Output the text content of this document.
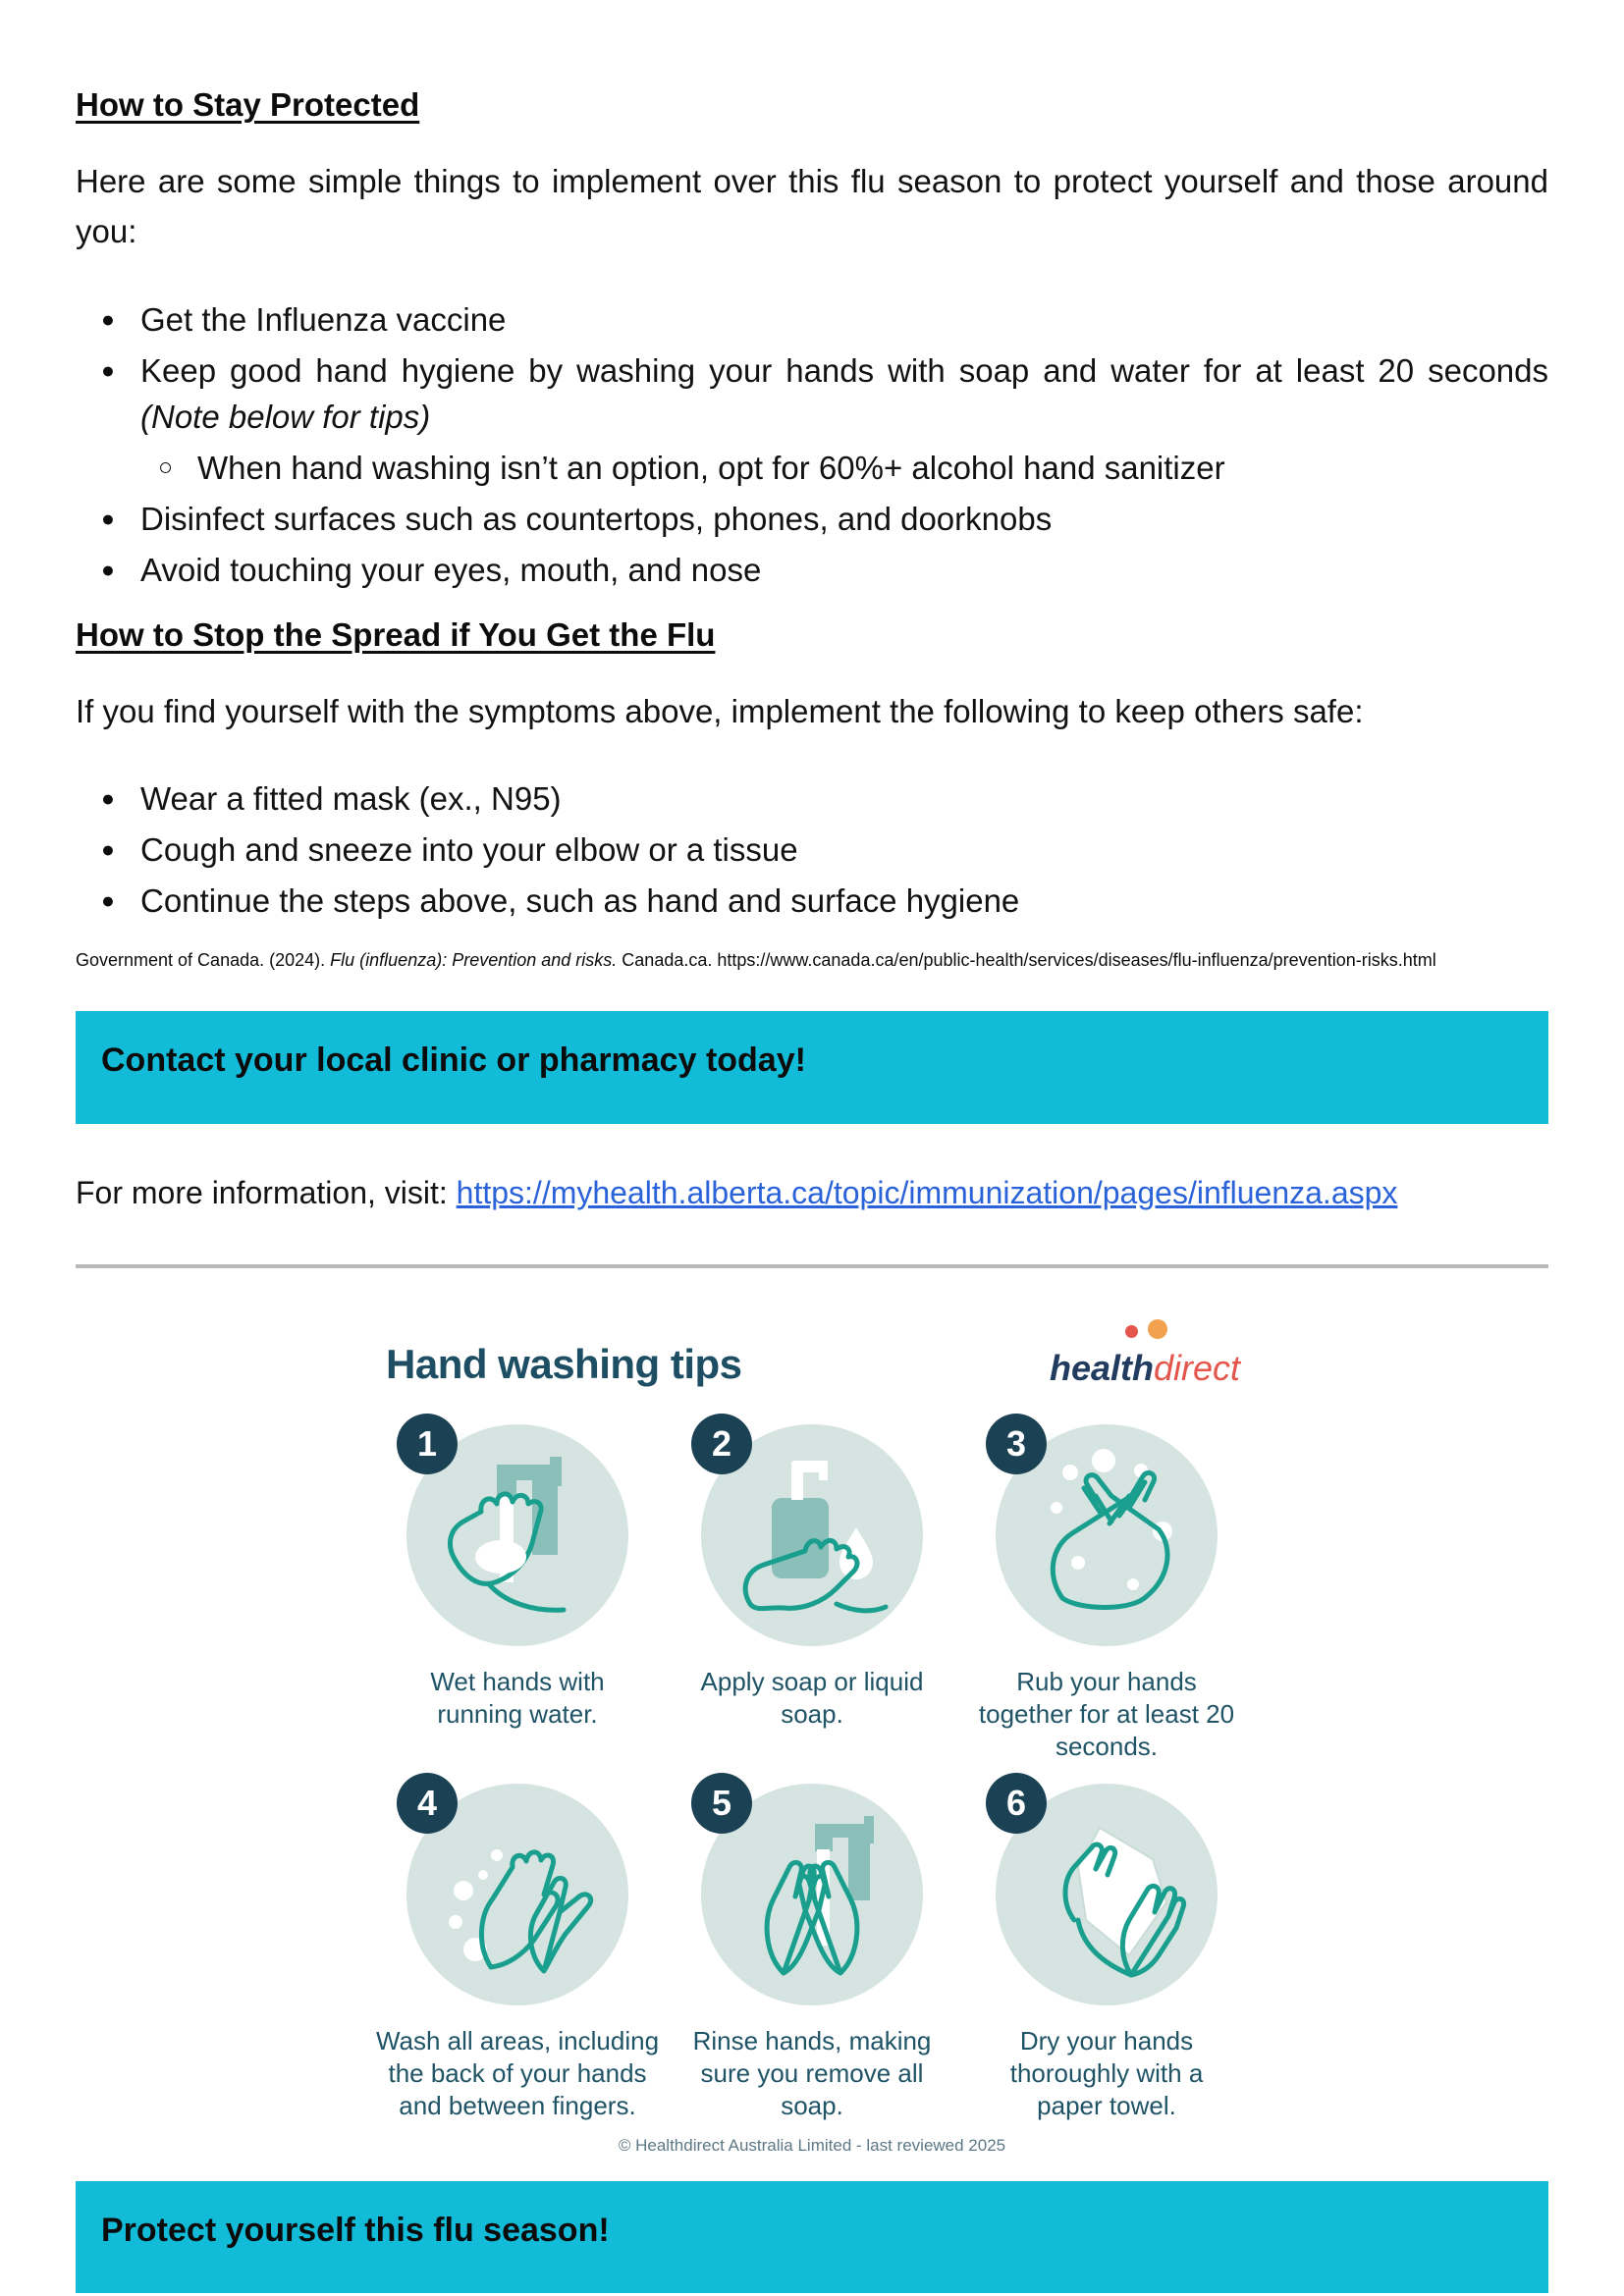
How to Stay Protected

Here are some simple things to implement over this flu season to protect yourself and those around you:

● Get the Influenza vaccine
● Keep good hand hygiene by washing your hands with soap and water for at least 20 seconds (Note below for tips)
○ When hand washing isn’t an option, opt for 60%+ alcohol hand sanitizer
● Disinfect surfaces such as countertops, phones, and doorknobs
● Avoid touching your eyes, mouth, and nose
How to Stop the Spread if You Get the Flu

If you find yourself with the symptoms above, implement the following to keep others safe:

● Wear a fitted mask (ex., N95)
● Cough and sneeze into your elbow or a tissue
● Continue the steps above, such as hand and surface hygiene

Government of Canada. (2024). Flu (influenza): Prevention and risks. Canada.ca. https://www.canada.ca/en/public-health/services/diseases/flu-influenza/prevention-risks.html

Contact your local clinic or pharmacy today!

For more information, visit: https://myhealth.alberta.ca/topic/immunization/pages/influenza.aspx

Hand washing tips	healthdirect
1
Wet hands with running water.
2
Apply soap or liquid soap.
3
Rub your hands together for at least 20 seconds.
4
Wash all areas, including the back of your hands and between fingers.
5
Rinse hands, making sure you remove all soap.
6
Dry your hands thoroughly with a paper towel.
© Healthdirect Australia Limited - last reviewed 2025
Protect yourself this flu season!
